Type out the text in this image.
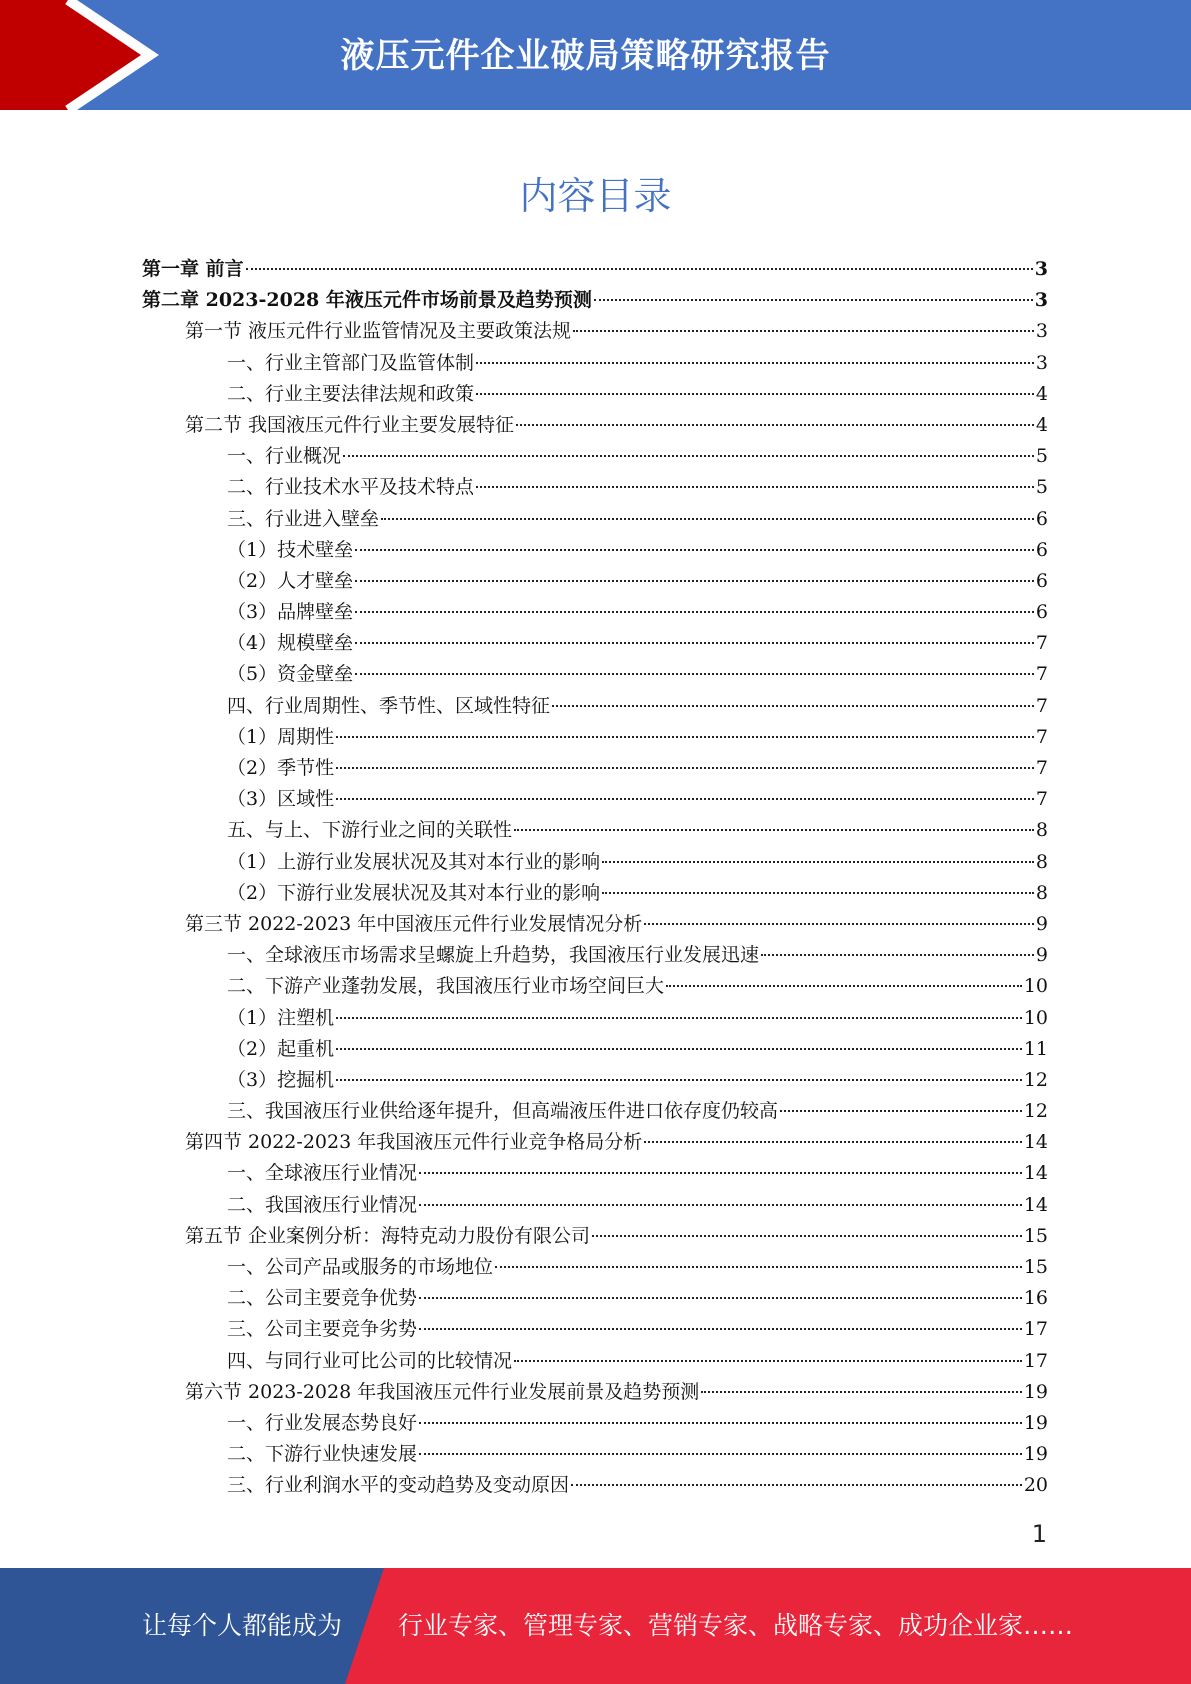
液压元件企业破局策略研究报告
内容目录
第一章 前言	3
第二章 2023-2028 年液压元件市场前景及趋势预测	3
第一节 液压元件行业监管情况及主要政策法规	3
一、行业主管部门及监管体制	3
二、行业主要法律法规和政策	4
第二节 我国液压元件行业主要发展特征	4
一、行业概况	5
二、行业技术水平及技术特点	5
三、行业进入壁垒	6
（1）技术壁垒	6
（2）人才壁垒	6
（3）品牌壁垒	6
（4）规模壁垒	7
（5）资金壁垒	7
四、行业周期性、季节性、区域性特征	7
（1）周期性	7
（2）季节性	7
（3）区域性	7
五、与上、下游行业之间的关联性	8
（1）上游行业发展状况及其对本行业的影响	8
（2）下游行业发展状况及其对本行业的影响	8
第三节 2022-2023 年中国液压元件行业发展情况分析	9
一、全球液压市场需求呈螺旋上升趋势，我国液压行业发展迅速	9
二、下游产业蓬勃发展，我国液压行业市场空间巨大	10
（1）注塑机	10
（2）起重机	11
（3）挖掘机	12
三、我国液压行业供给逐年提升，但高端液压件进口依存度仍较高	12
第四节 2022-2023 年我国液压元件行业竞争格局分析	14
一、全球液压行业情况	14
二、我国液压行业情况	14
第五节 企业案例分析：海特克动力股份有限公司	15
一、公司产品或服务的市场地位	15
二、公司主要竞争优势	16
三、公司主要竞争劣势	17
四、与同行业可比公司的比较情况	17
第六节 2023-2028 年我国液压元件行业发展前景及趋势预测	19
一、行业发展态势良好	19
二、下游行业快速发展	19
三、行业利润水平的变动趋势及变动原因	20
1
让每个人都能成为 行业专家、管理专家、营销专家、战略专家、成功企业家……
